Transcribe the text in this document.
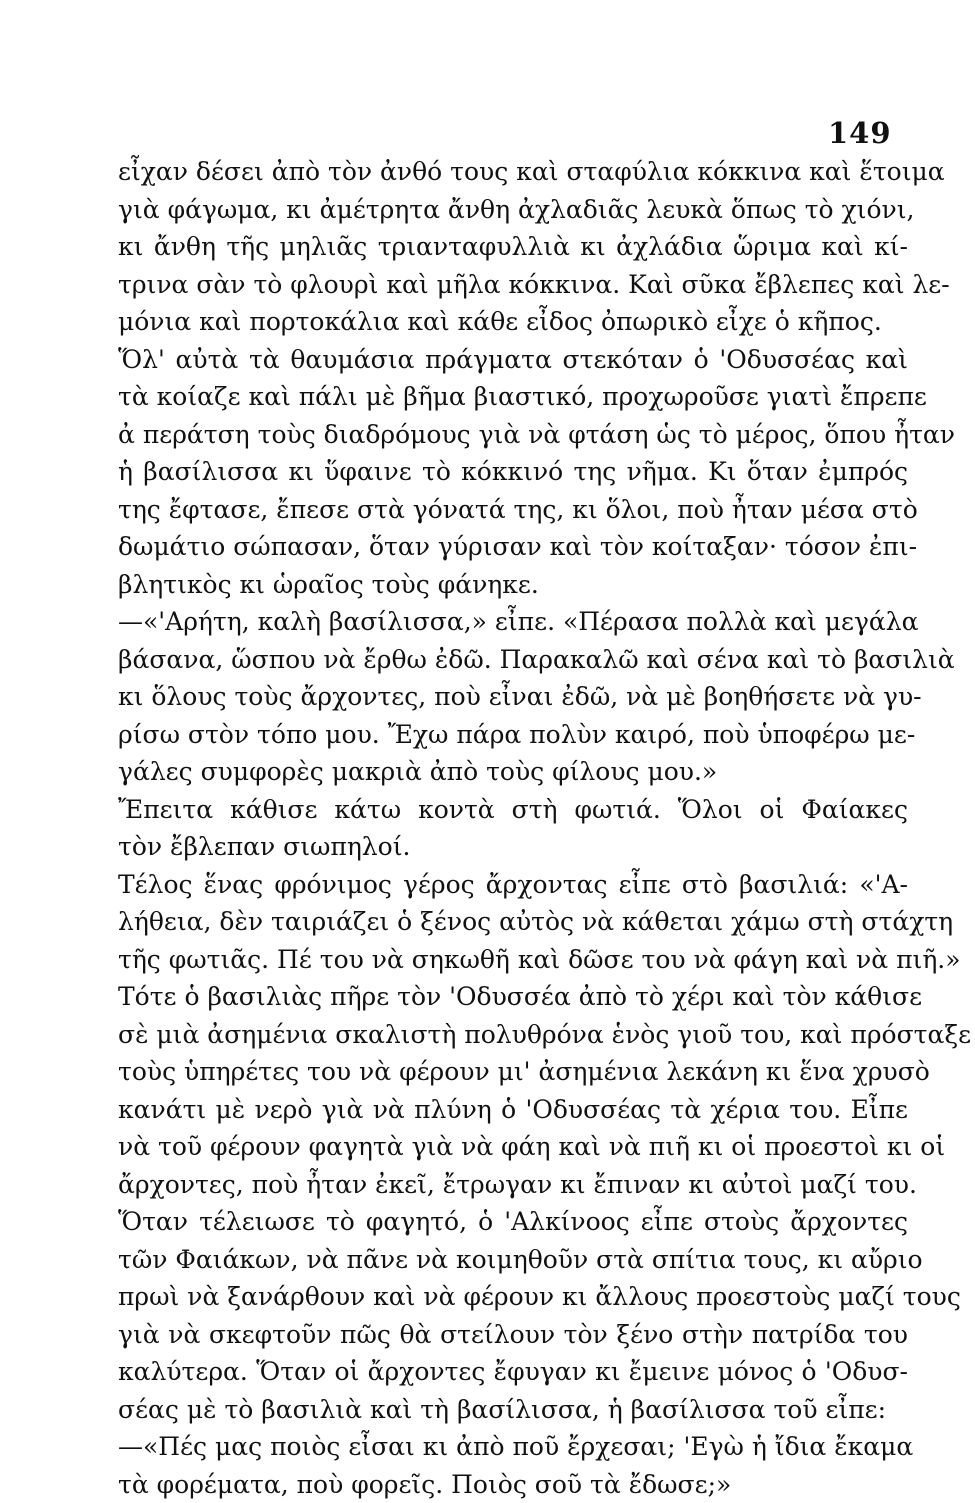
149
εἶχαν δέσει ἀπὸ τὸν ἀνθό τους καὶ σταφύλια κόκκινα καὶ ἕτοιμα
γιὰ φάγωμα, κι ἀμέτρητα ἄνθη ἀχλαδιᾶς λευκὰ ὅπως τὸ χιόνι,
κι ἄνθη τῆς μηλιᾶς τριανταφυλλιὰ κι ἀχλάδια ὥριμα καὶ κί-
τρινα σὰν τὸ φλουρὶ καὶ μῆλα κόκκινα. Καὶ σῦκα ἔβλεπες καὶ λε-
μόνια καὶ πορτοκάλια καὶ κάθε εἶδος ὀπωρικὸ εἶχε ὁ κῆπος.
Ὅλ' αὐτὰ τὰ θαυμάσια πράγματα στεκόταν ὁ 'Οδυσσέας καὶ
τὰ κοίαζε καὶ πάλι μὲ βῆμα βιαστικό, προχωροῦσε γιατὶ ἔπρεπε
ἀ περάτση τοὺς διαδρόμους γιὰ νὰ φτάση ὡς τὸ μέρος, ὅπου ἦταν
ἡ βασίλισσα κι ὕφαινε τὸ κόκκινό της νῆμα. Κι ὅταν ἐμπρός
της ἔφτασε, ἔπεσε στὰ γόνατά της, κι ὅλοι, ποὺ ἦταν μέσα στὸ
δωμάτιο σώπασαν, ὅταν γύρισαν καὶ τὸν κοίταξαν· τόσον ἐπι-
βλητικὸς κι ὡραῖος τοὺς φάνηκε.
—«'Αρήτη, καλὴ βασίλισσα,» εἶπε. «Πέρασα πολλὰ καὶ μεγάλα
βάσανα, ὥσπου νὰ ἔρθω ἐδῶ. Παρακαλῶ καὶ σένα καὶ τὸ βασιλιὰ
κι ὅλους τοὺς ἄρχοντες, ποὺ εἶναι ἐδῶ, νὰ μὲ βοηθήσετε νὰ γυ-
ρίσω στὸν τόπο μου. Ἔχω πάρα πολὺν καιρό, ποὺ ὑποφέρω με-
γάλες συμφορὲς μακριὰ ἀπὸ τοὺς φίλους μου.»
Ἔπειτα κάθισε κάτω κοντὰ στὴ φωτιά. Ὅλοι οἱ Φαίακες
τὸν ἔβλεπαν σιωπηλοί.
Τέλος ἕνας φρόνιμος γέρος ἄρχοντας εἶπε στὸ βασιλιά: «'Α-
λήθεια, δὲν ταιριάζει ὁ ξένος αὐτὸς νὰ κάθεται χάμω στὴ στάχτη
τῆς φωτιᾶς. Πέ του νὰ σηκωθῆ καὶ δῶσε του νὰ φάγη καὶ νὰ πιῆ.»
Τότε ὁ βασιλιὰς πῆρε τὸν 'Οδυσσέα ἀπὸ τὸ χέρι καὶ τὸν κάθισε
σὲ μιὰ ἀσημένια σκαλιστὴ πολυθρόνα ἑνὸς γιοῦ του, καὶ πρόσταξε
τοὺς ὑπηρέτες του νὰ φέρουν μι' ἀσημένια λεκάνη κι ἕνα χρυσὸ
κανάτι μὲ νερὸ γιὰ νὰ πλύνη ὁ 'Οδυσσέας τὰ χέρια του. Εἶπε
νὰ τοῦ φέρουν φαγητὰ γιὰ νὰ φάη καὶ νὰ πιῆ κι οἱ προεστοὶ κι οἱ
ἄρχοντες, ποὺ ἦταν ἐκεῖ, ἔτρωγαν κι ἔπιναν κι αὐτοὶ μαζί του.
Ὅταν τέλειωσε τὸ φαγητό, ὁ 'Αλκίνοος εἶπε στοὺς ἄρχοντες
τῶν Φαιάκων, νὰ πᾶνε νὰ κοιμηθοῦν στὰ σπίτια τους, κι αὔριο
πρωὶ νὰ ξανάρθουν καὶ νὰ φέρουν κι ἄλλους προεστοὺς μαζί τους
γιὰ νὰ σκεφτοῦν πῶς θὰ στείλουν τὸν ξένο στὴν πατρίδα του
καλύτερα. Ὅταν οἱ ἄρχοντες ἔφυγαν κι ἔμεινε μόνος ὁ 'Οδυσ-
σέας μὲ τὸ βασιλιὰ καὶ τὴ βασίλισσα, ἡ βασίλισσα τοῦ εἶπε:
—«Πές μας ποιὸς εἶσαι κι ἀπὸ ποῦ ἔρχεσαι; 'Εγὼ ἡ ἴδια ἔκαμα
τὰ φορέματα, ποὺ φορεῖς. Ποιὸς σοῦ τὰ ἔδωσε;»
